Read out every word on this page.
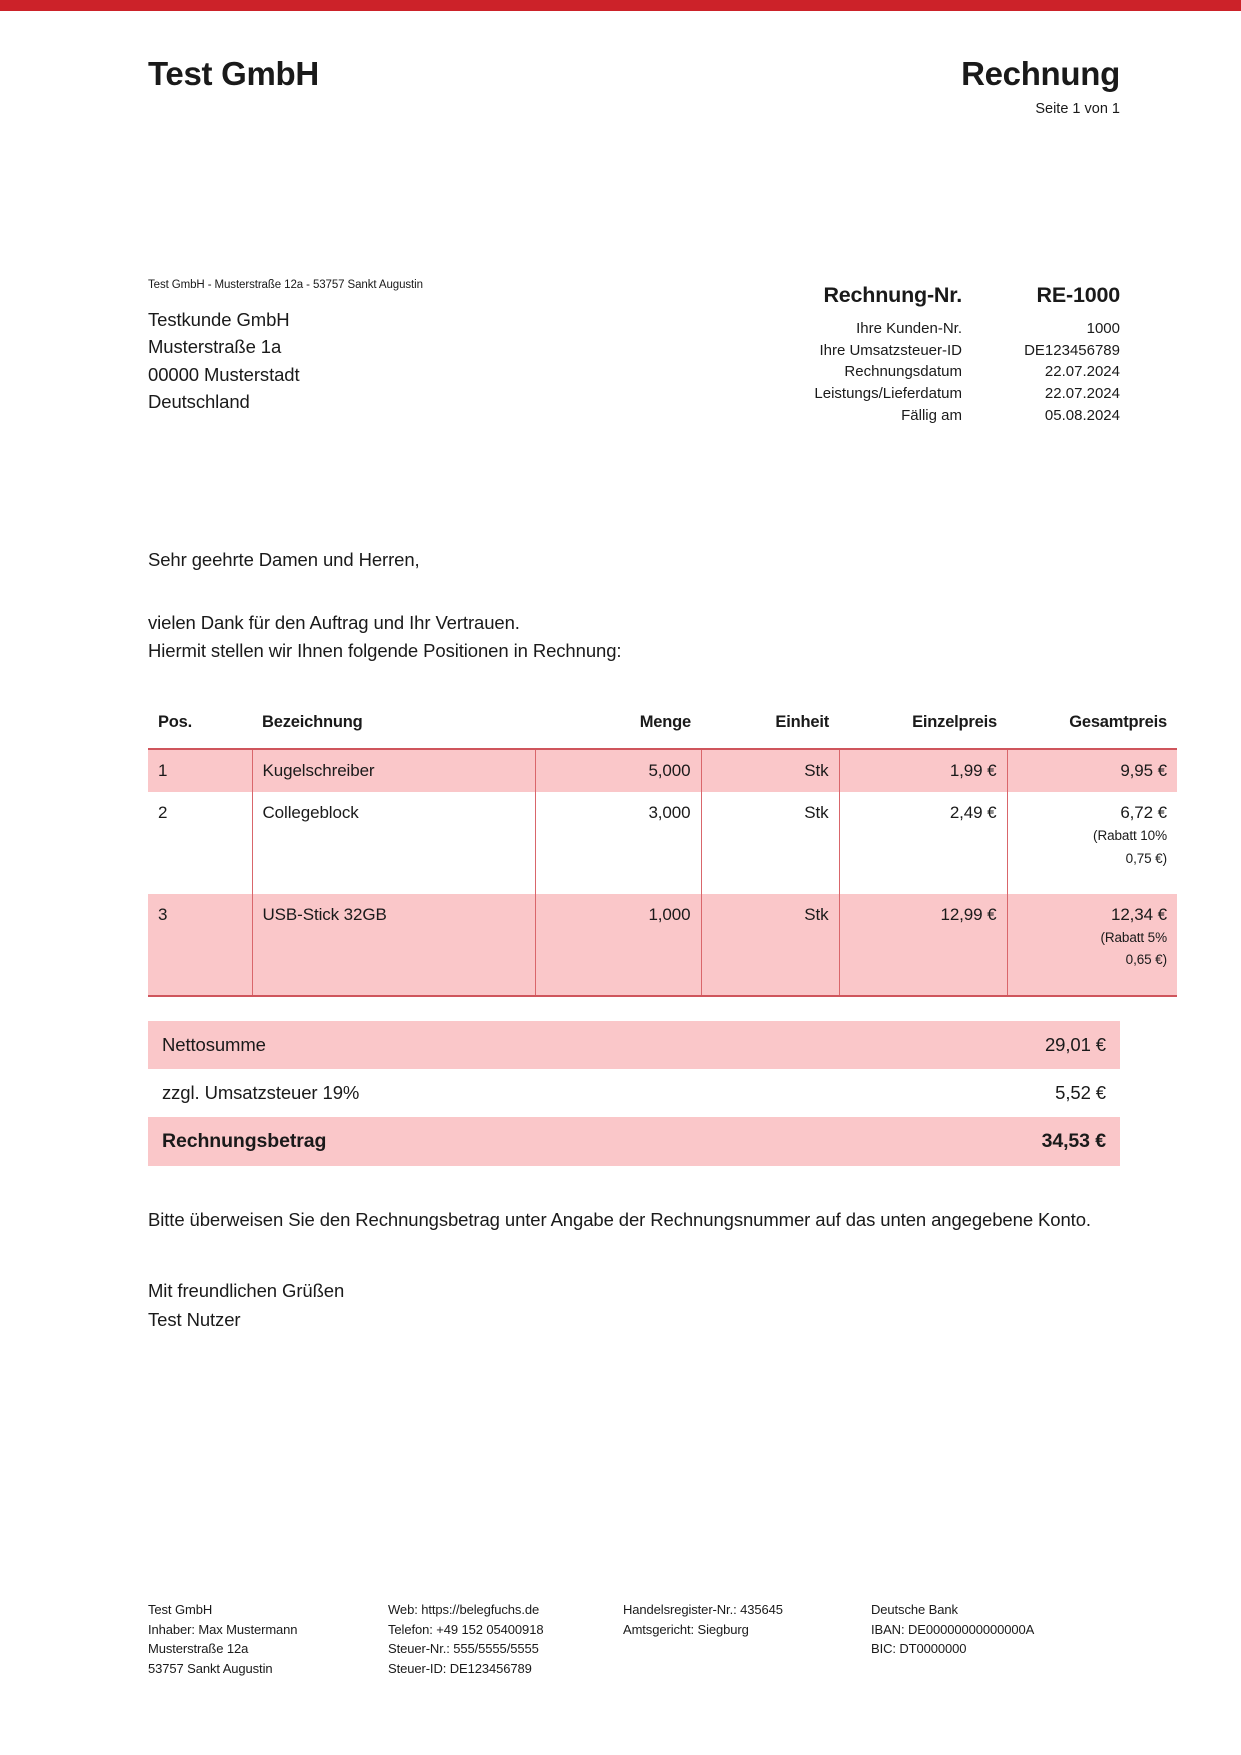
Test GmbH	Rechnung
Seite 1 von 1
Test GmbH - Musterstraße 12a - 53757 Sankt Augustin
Testkunde GmbH
Musterstraße 1a
00000 Musterstadt
Deutschland
Rechnung-Nr.	RE-1000
Ihre Kunden-Nr.	1000
Ihre Umsatzsteuer-ID	DE123456789
Rechnungsdatum	22.07.2024
Leistungs/Lieferdatum	22.07.2024
Fällig am	05.08.2024
Sehr geehrte Damen und Herren,
vielen Dank für den Auftrag und Ihr Vertrauen.
Hiermit stellen wir Ihnen folgende Positionen in Rechnung:
Pos.	Bezeichnung	Menge	Einheit	Einzelpreis	Gesamtpreis
1	Kugelschreiber	5,000	Stk	1,99 €	9,95 €
2	Collegeblock	3,000	Stk	2,49 €	6,72 €
(Rabatt 10%
0,75 €)

3	USB-Stick 32GB	1,000	Stk	12,99 €	12,34 €
(Rabatt 5%
0,65 €)
Nettosumme	29,01 €
zzgl. Umsatzsteuer 19%	5,52 €
Rechnungsbetrag	34,53 €
Bitte überweisen Sie den Rechnungsbetrag unter Angabe der Rechnungsnummer auf das unten angegebene Konto.
Mit freundlichen Grüßen
Test Nutzer
Test GmbH
Inhaber: Max Mustermann
Musterstraße 12a
53757 Sankt Augustin
Web: https://belegfuchs.de
Telefon: +49 152 05400918
Steuer-Nr.: 555/5555/5555
Steuer-ID: DE123456789
Handelsregister-Nr.: 435645
Amtsgericht: Siegburg
Deutsche Bank
IBAN: DE00000000000000A
BIC: DT0000000
